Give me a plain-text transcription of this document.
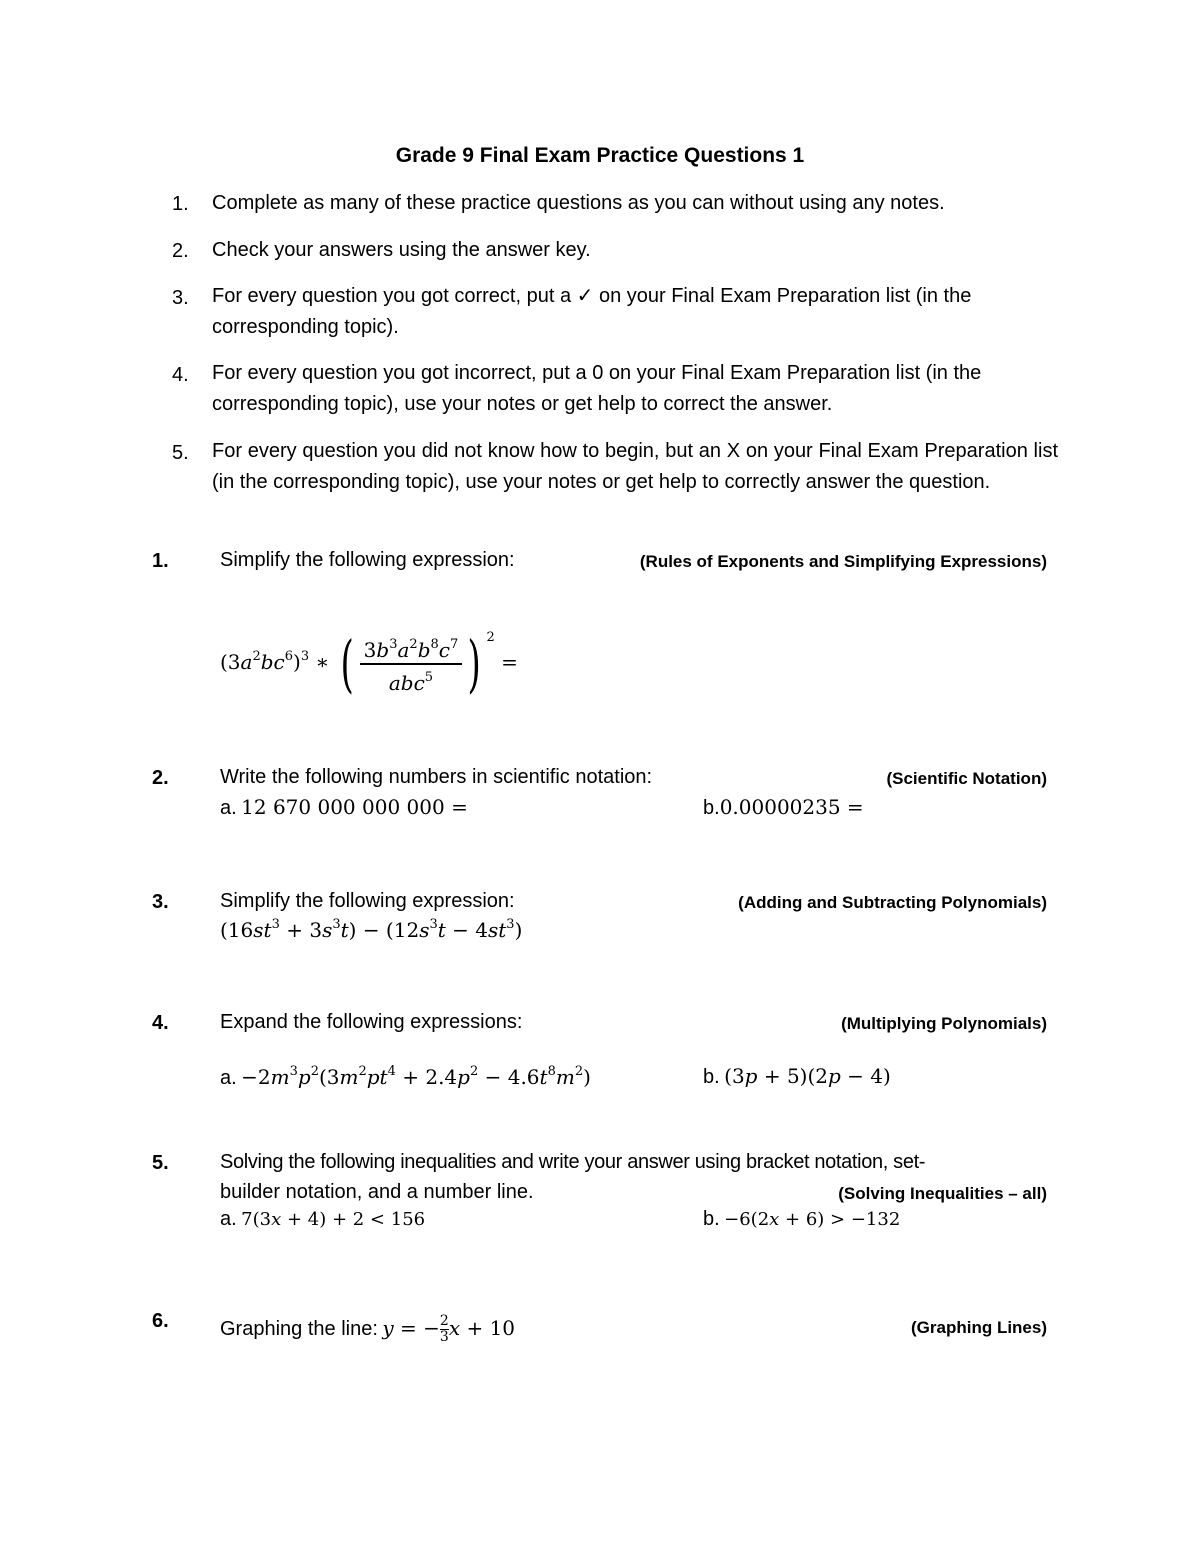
Grade 9 Final Exam Practice Questions 1
1. Complete as many of these practice questions as you can without using any notes.
2. Check your answers using the answer key.
3. For every question you got correct, put a ✓ on your Final Exam Preparation list (in the corresponding topic).
4. For every question you got incorrect, put a 0 on your Final Exam Preparation list (in the corresponding topic), use your notes or get help to correct the answer.
5. For every question you did not know how to begin, but an X on your Final Exam Preparation list (in the corresponding topic), use your notes or get help to correctly answer the question.
1.	Simplify the following expression:	(Rules of Exponents and Simplifying Expressions)
$(3a^2bc^6)^3$ ∗ ( $\frac{3b^3a^2b^8c^7}{abc^5}$ ) $^2$ =
2.	Write the following numbers in scientific notation:	(Scientific Notation)
a. 12 670 000 000 000 =	b.0.00000235 =
3.	Simplify the following expression:	(Adding and Subtracting Polynomials)
$(16st^3 + 3s^3t) - (12s^3t - 4st^3)$
4.	Expand the following expressions:	(Multiplying Polynomials)
a. $-2m^3p^2(3m^2pt^4 + 2.4p^2 - 4.6t^8m^2)$	b. (3p + 5)(2p − 4)
5.	Solving the following inequalities and write your answer using bracket notation, set-
builder notation, and a number line.	(Solving Inequalities – all)
a. 7(3x + 4) + 2 < 156	b. −6(2x + 6) > −132
6.	Graphing the line: $y = -\frac{2}{3}$ x + 10	(Graphing Lines)
